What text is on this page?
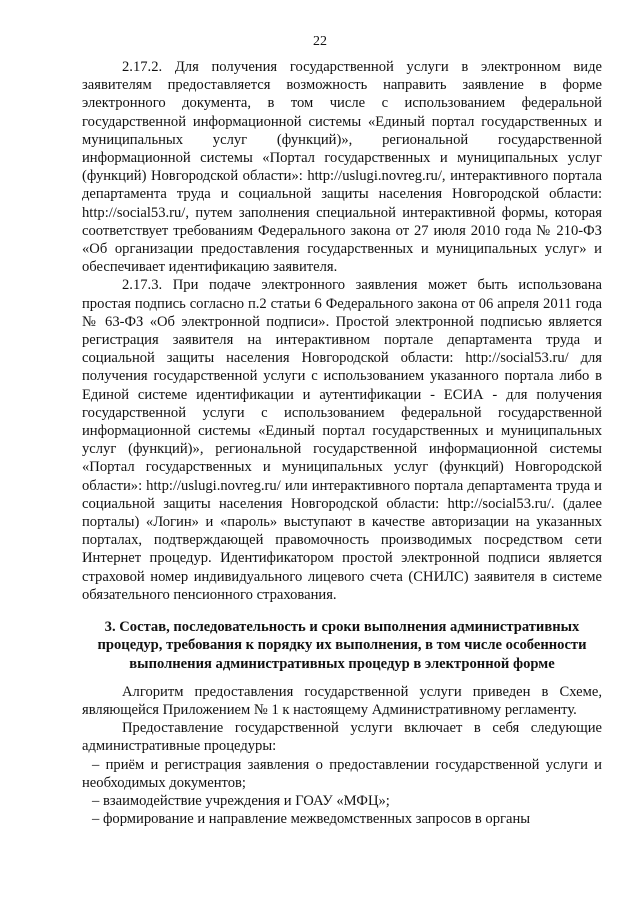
22

2.17.2. Для получения государственной услуги в электронном виде заявителям предоставляется возможность направить заявление в форме электронного документа, в том числе с использованием федеральной государственной информационной системы «Единый портал государственных и муниципальных услуг (функций)», региональной государственной информационной системы «Портал государственных и муниципальных услуг (функций) Новгородской области»: http://uslugi.novreg.ru/, интерактивного портала департамента труда и социальной защиты населения Новгородской области: http://social53.ru/, путем заполнения специальной интерактивной формы, которая соответствует требованиям Федерального закона от 27 июля 2010 года № 210-ФЗ «Об организации предоставления государственных и муниципальных услуг» и обеспечивает идентификацию заявителя.

2.17.3. При подаче электронного заявления может быть использована простая подпись согласно п.2 статьи 6 Федерального закона от 06 апреля 2011 года № 63-ФЗ «Об электронной подписи». Простой электронной подписью является регистрация заявителя на интерактивном портале департамента труда и социальной защиты населения Новгородской области: http://social53.ru/ для получения государственной услуги с использованием указанного портала либо в Единой системе идентификации и аутентификации - ЕСИА - для получения государственной услуги с использованием федеральной государственной информационной системы «Единый портал государственных и муниципальных услуг (функций)», региональной государственной информационной системы «Портал государственных и муниципальных услуг (функций) Новгородской области»: http://uslugi.novreg.ru/ или интерактивного портала департамента труда и социальной защиты населения Новгородской области: http://social53.ru/. (далее порталы) «Логин» и «пароль» выступают в качестве авторизации на указанных порталах, подтверждающей правомочность производимых посредством сети Интернет процедур. Идентификатором простой электронной подписи является страховой номер индивидуального лицевого счета (СНИЛС) заявителя в системе обязательного пенсионного страхования.

3. Состав, последовательность и сроки выполнения административных процедур, требования к порядку их выполнения, в том числе особенности выполнения административных процедур в электронной форме

Алгоритм предоставления государственной услуги приведен в Схеме, являющейся Приложением № 1 к настоящему Административному регламенту.

Предоставление государственной услуги включает в себя следующие административные процедуры:

– приём и регистрация заявления о предоставлении государственной услуги и необходимых документов;

– взаимодействие учреждения и ГОАУ «МФЦ»;

– формирование и направление межведомственных запросов в органы
